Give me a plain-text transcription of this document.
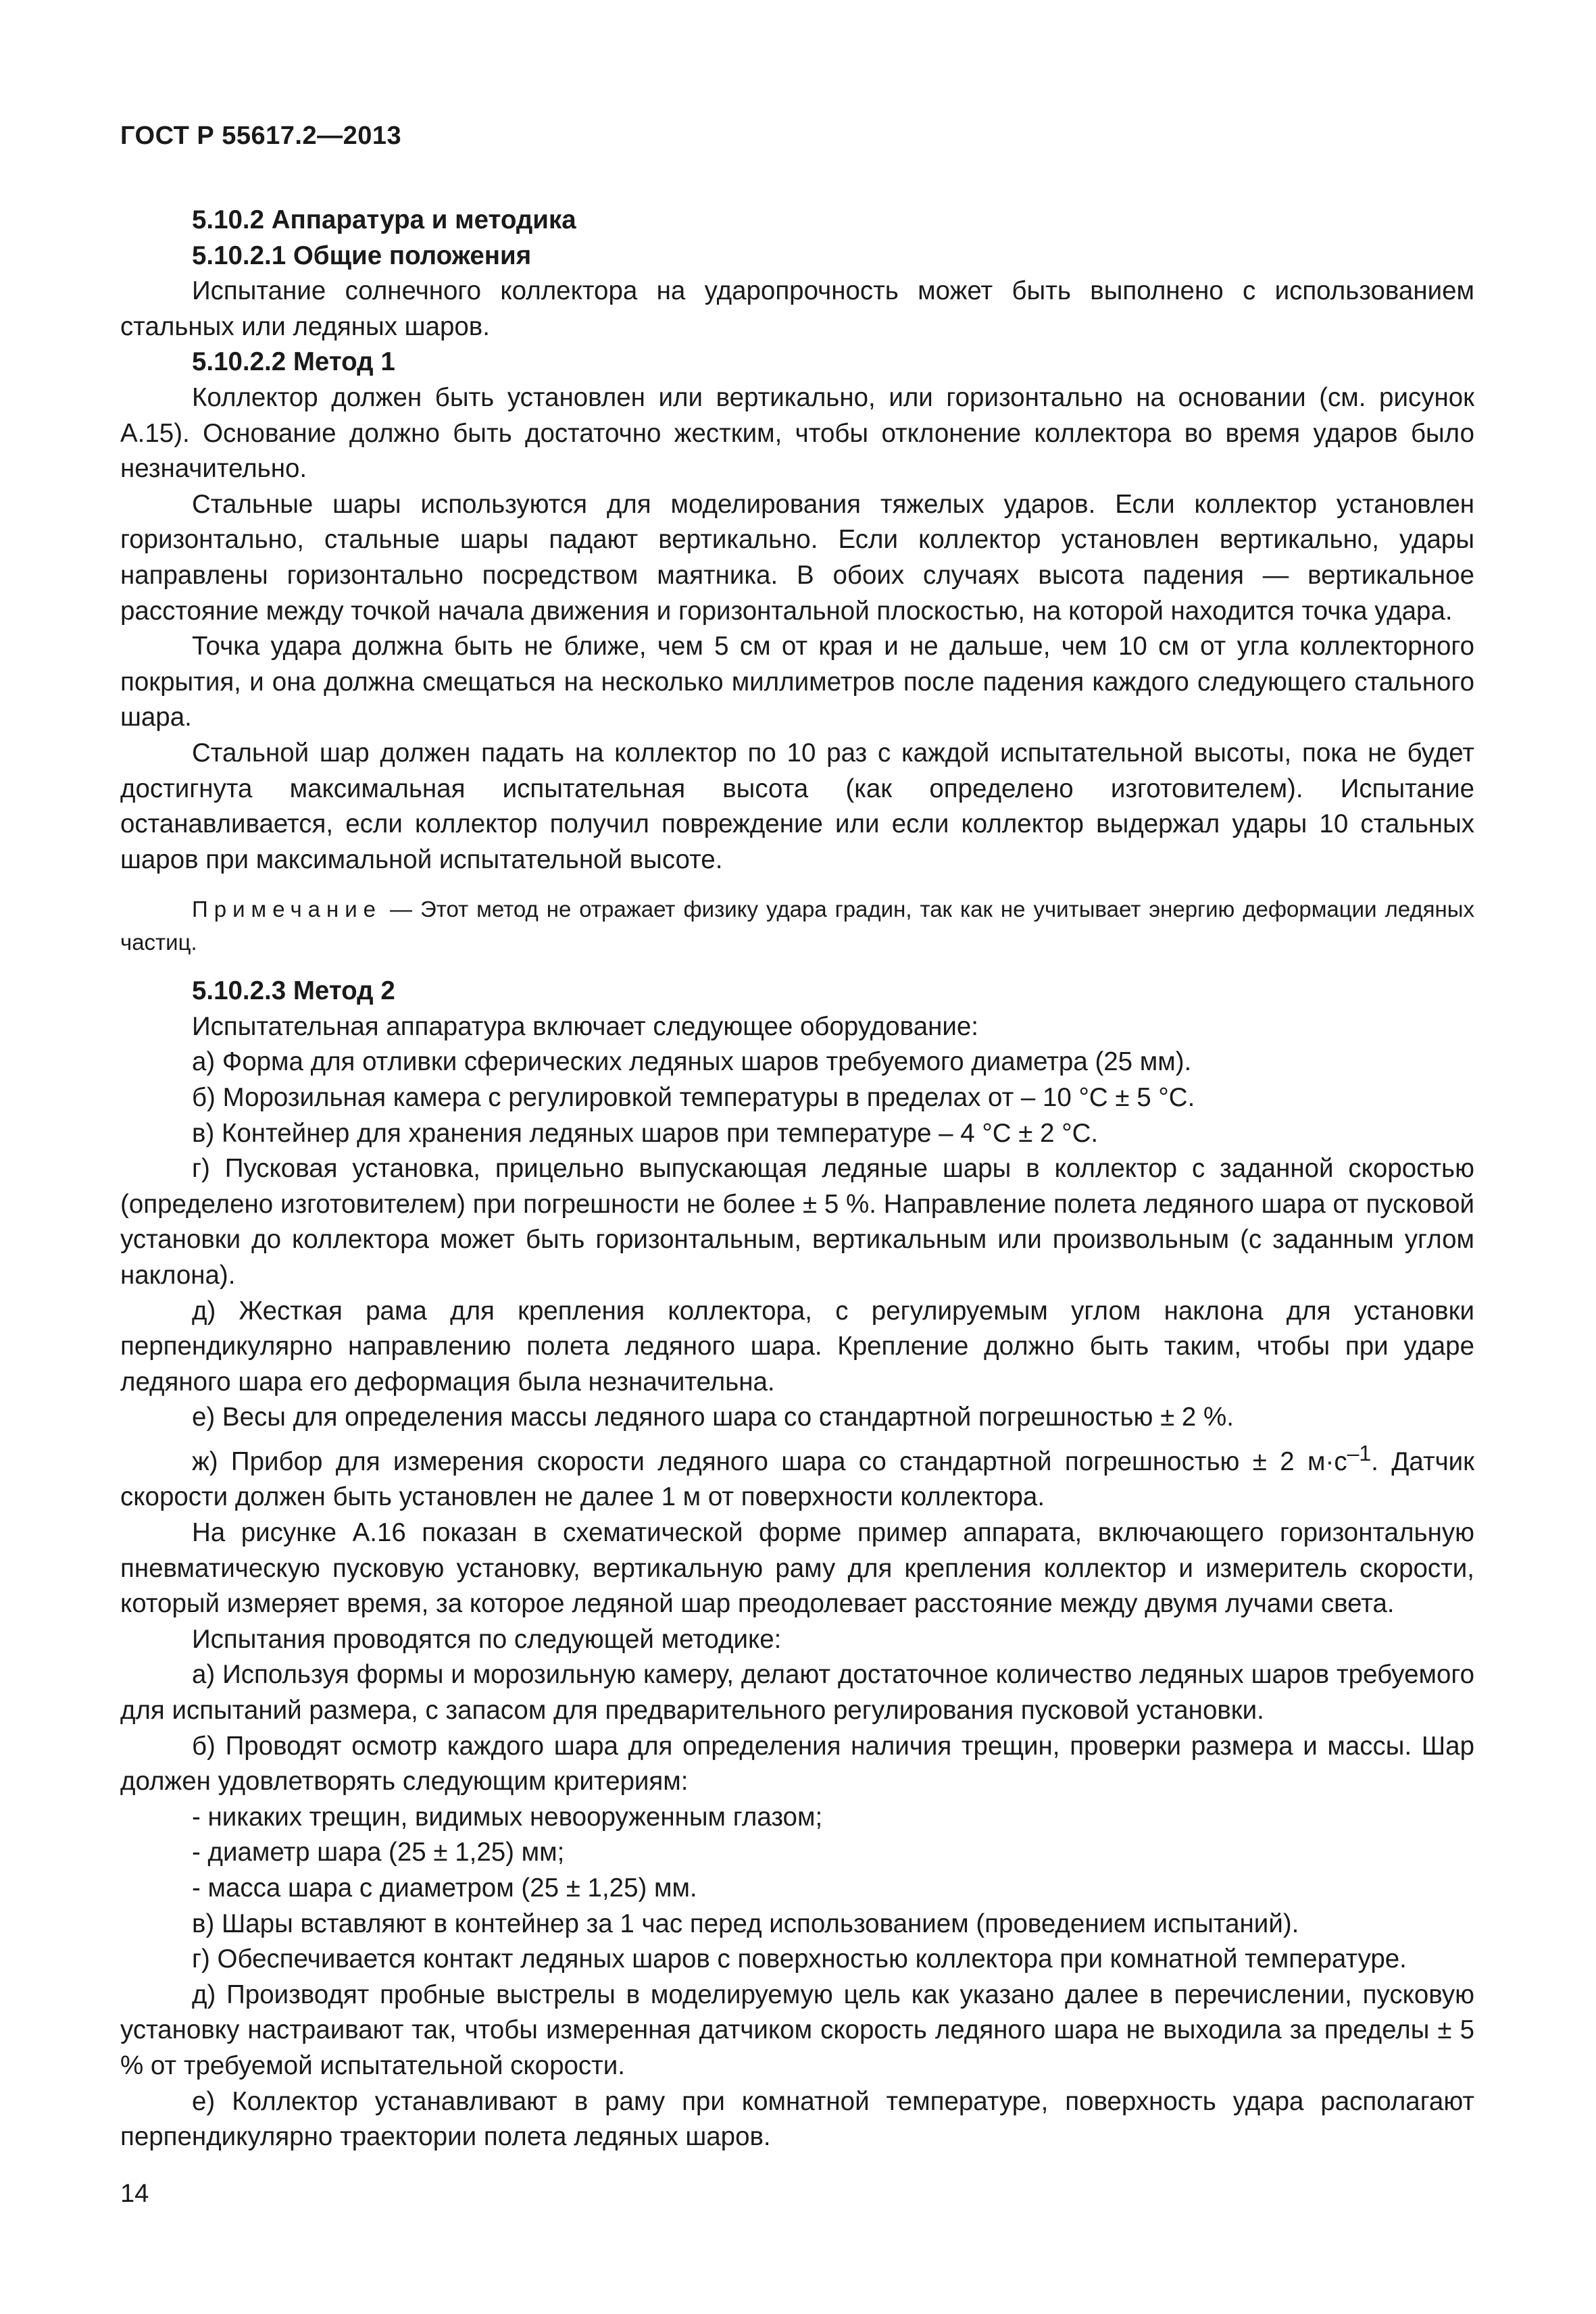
ГОСТ Р 55617.2—2013

5.10.2 Аппаратура и методика

5.10.2.1 Общие положения

Испытание солнечного коллектора на ударопрочность может быть выполнено с использованием стальных или ледяных шаров.

5.10.2.2 Метод 1

Коллектор должен быть установлен или вертикально, или горизонтально на основании (см. рисунок А.15). Основание должно быть достаточно жестким, чтобы отклонение коллектора во время ударов было незначительно.

Стальные шары используются для моделирования тяжелых ударов. Если коллектор установлен горизонтально, стальные шары падают вертикально. Если коллектор установлен вертикально, удары направлены горизонтально посредством маятника. В обоих случаях высота падения — вертикальное расстояние между точкой начала движения и горизонтальной плоскостью, на которой находится точка удара.

Точка удара должна быть не ближе, чем 5 см от края и не дальше, чем 10 см от угла коллекторного покрытия, и она должна смещаться на несколько миллиметров после падения каждого следующего стального шара.

Стальной шар должен падать на коллектор по 10 раз с каждой испытательной высоты, пока не будет достигнута максимальная испытательная высота (как определено изготовителем). Испытание останавливается, если коллектор получил повреждение или если коллектор выдержал удары 10 стальных шаров при максимальной испытательной высоте.

Примечание — Этот метод не отражает физику удара градин, так как не учитывает энергию деформации ледяных частиц.

5.10.2.3 Метод 2

Испытательная аппаратура включает следующее оборудование:

а) Форма для отливки сферических ледяных шаров требуемого диаметра (25 мм).

б) Морозильная камера с регулировкой температуры в пределах от – 10 °С ± 5 °С.

в) Контейнер для хранения ледяных шаров при температуре – 4 °С ± 2 °С.

г) Пусковая установка, прицельно выпускающая ледяные шары в коллектор с заданной скоростью (определено изготовителем) при погрешности не более ± 5 %. Направление полета ледяного шара от пусковой установки до коллектора может быть горизонтальным, вертикальным или произвольным (с заданным углом наклона).

д) Жесткая рама для крепления коллектора, с регулируемым углом наклона для установки перпендикулярно направлению полета ледяного шара. Крепление должно быть таким, чтобы при ударе ледяного шара его деформация была незначительна.

е) Весы для определения массы ледяного шара со стандартной погрешностью ± 2 %.

ж) Прибор для измерения скорости ледяного шара со стандартной погрешностью ± 2 $м\cdot с^{-1}$. Датчик скорости должен быть установлен не далее 1 м от поверхности коллектора.

На рисунке А.16 показан в схематической форме пример аппарата, включающего горизонтальную пневматическую пусковую установку, вертикальную раму для крепления коллектор и измеритель скорости, который измеряет время, за которое ледяной шар преодолевает расстояние между двумя лучами света.

Испытания проводятся по следующей методике:

а) Используя формы и морозильную камеру, делают достаточное количество ледяных шаров требуемого для испытаний размера, с запасом для предварительного регулирования пусковой установки.

б) Проводят осмотр каждого шара для определения наличия трещин, проверки размера и массы. Шар должен удовлетворять следующим критериям:

- никаких трещин, видимых невооруженным глазом;

- диаметр шара (25 ± 1,25) мм;

- масса шара с диаметром (25 ± 1,25) мм.

в) Шары вставляют в контейнер за 1 час перед использованием (проведением испытаний).

г) Обеспечивается контакт ледяных шаров с поверхностью коллектора при комнатной температуре.

д) Производят пробные выстрелы в моделируемую цель как указано далее в перечислении, пусковую установку настраивают так, чтобы измеренная датчиком скорость ледяного шара не выходила за пределы ± 5 % от требуемой испытательной скорости.

е) Коллектор устанавливают в раму при комнатной температуре, поверхность удара располагают перпендикулярно траектории полета ледяных шаров.

14
